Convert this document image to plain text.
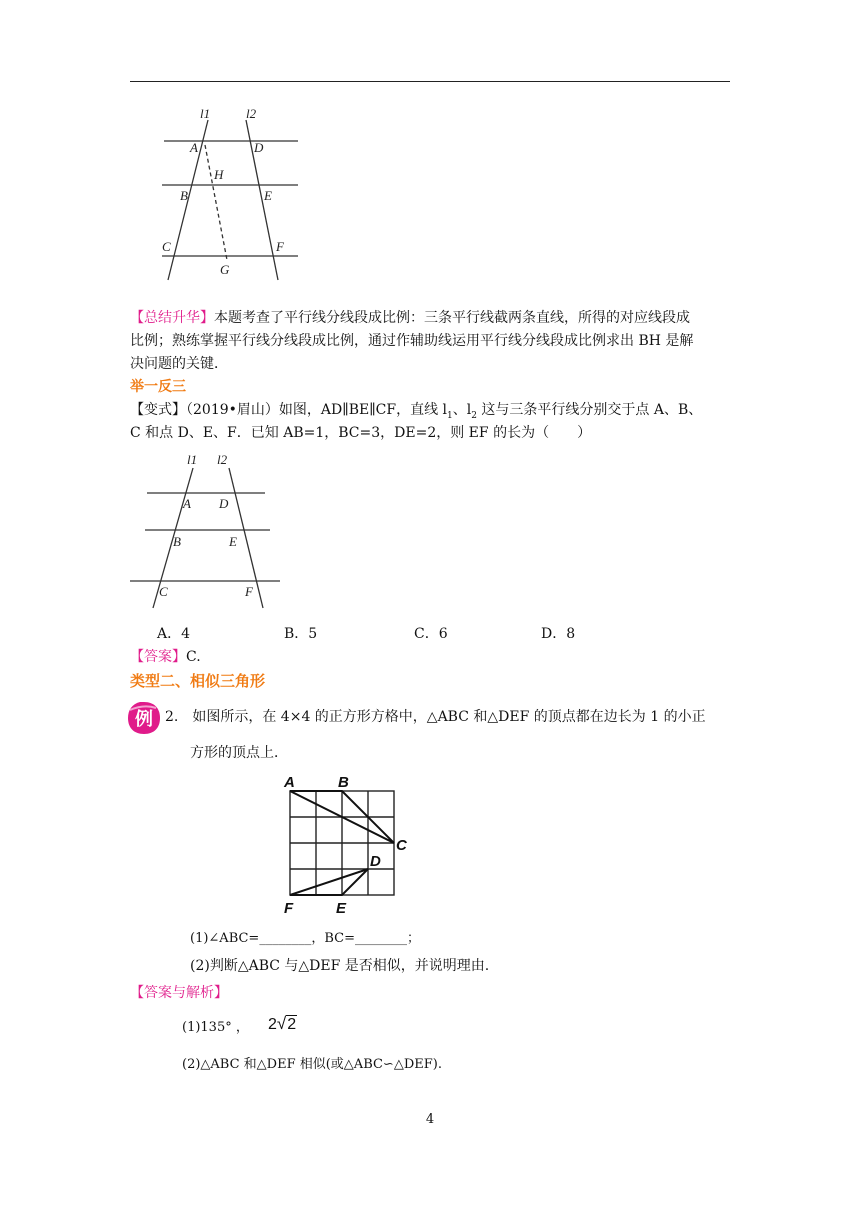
l1	l2
A	D
H
B	E
C	F
G
【总结升华】本题考查了平行线分线段成比例：三条平行线截两条直线，所得的对应线段成
比例；熟练掌握平行线分线段成比例，通过作辅助线运用平行线分线段成比例求出 BH 是解
决问题的关键．
举一反三
【变式】（2019•眉山）如图，AD∥BE∥CF，直线 $l_1$、$l_2$ 这与三条平行线分别交于点 A、B、
C 和点 D、E、F．已知 AB=1，BC=3，DE=2，则 EF 的长为（　　）
l1 l2
A D
B	E
C	F
A．4	B．5	C．6	D．8
【答案】C.
类型二、相似三角形
例 2.　如图所示，在 4×4 的正方形方格中，△ABC 和△DEF 的顶点都在边长为 1 的小正
方形的顶点上．
A	B
C
D
E
F
(1)∠ABC=________，BC=________；
(2)判断△ABC 与△DEF 是否相似，并说明理由.
【答案与解析】
(1)135° ， 2√2
(2)△ABC 和△DEF 相似(或△ABC∽△DEF).
4
